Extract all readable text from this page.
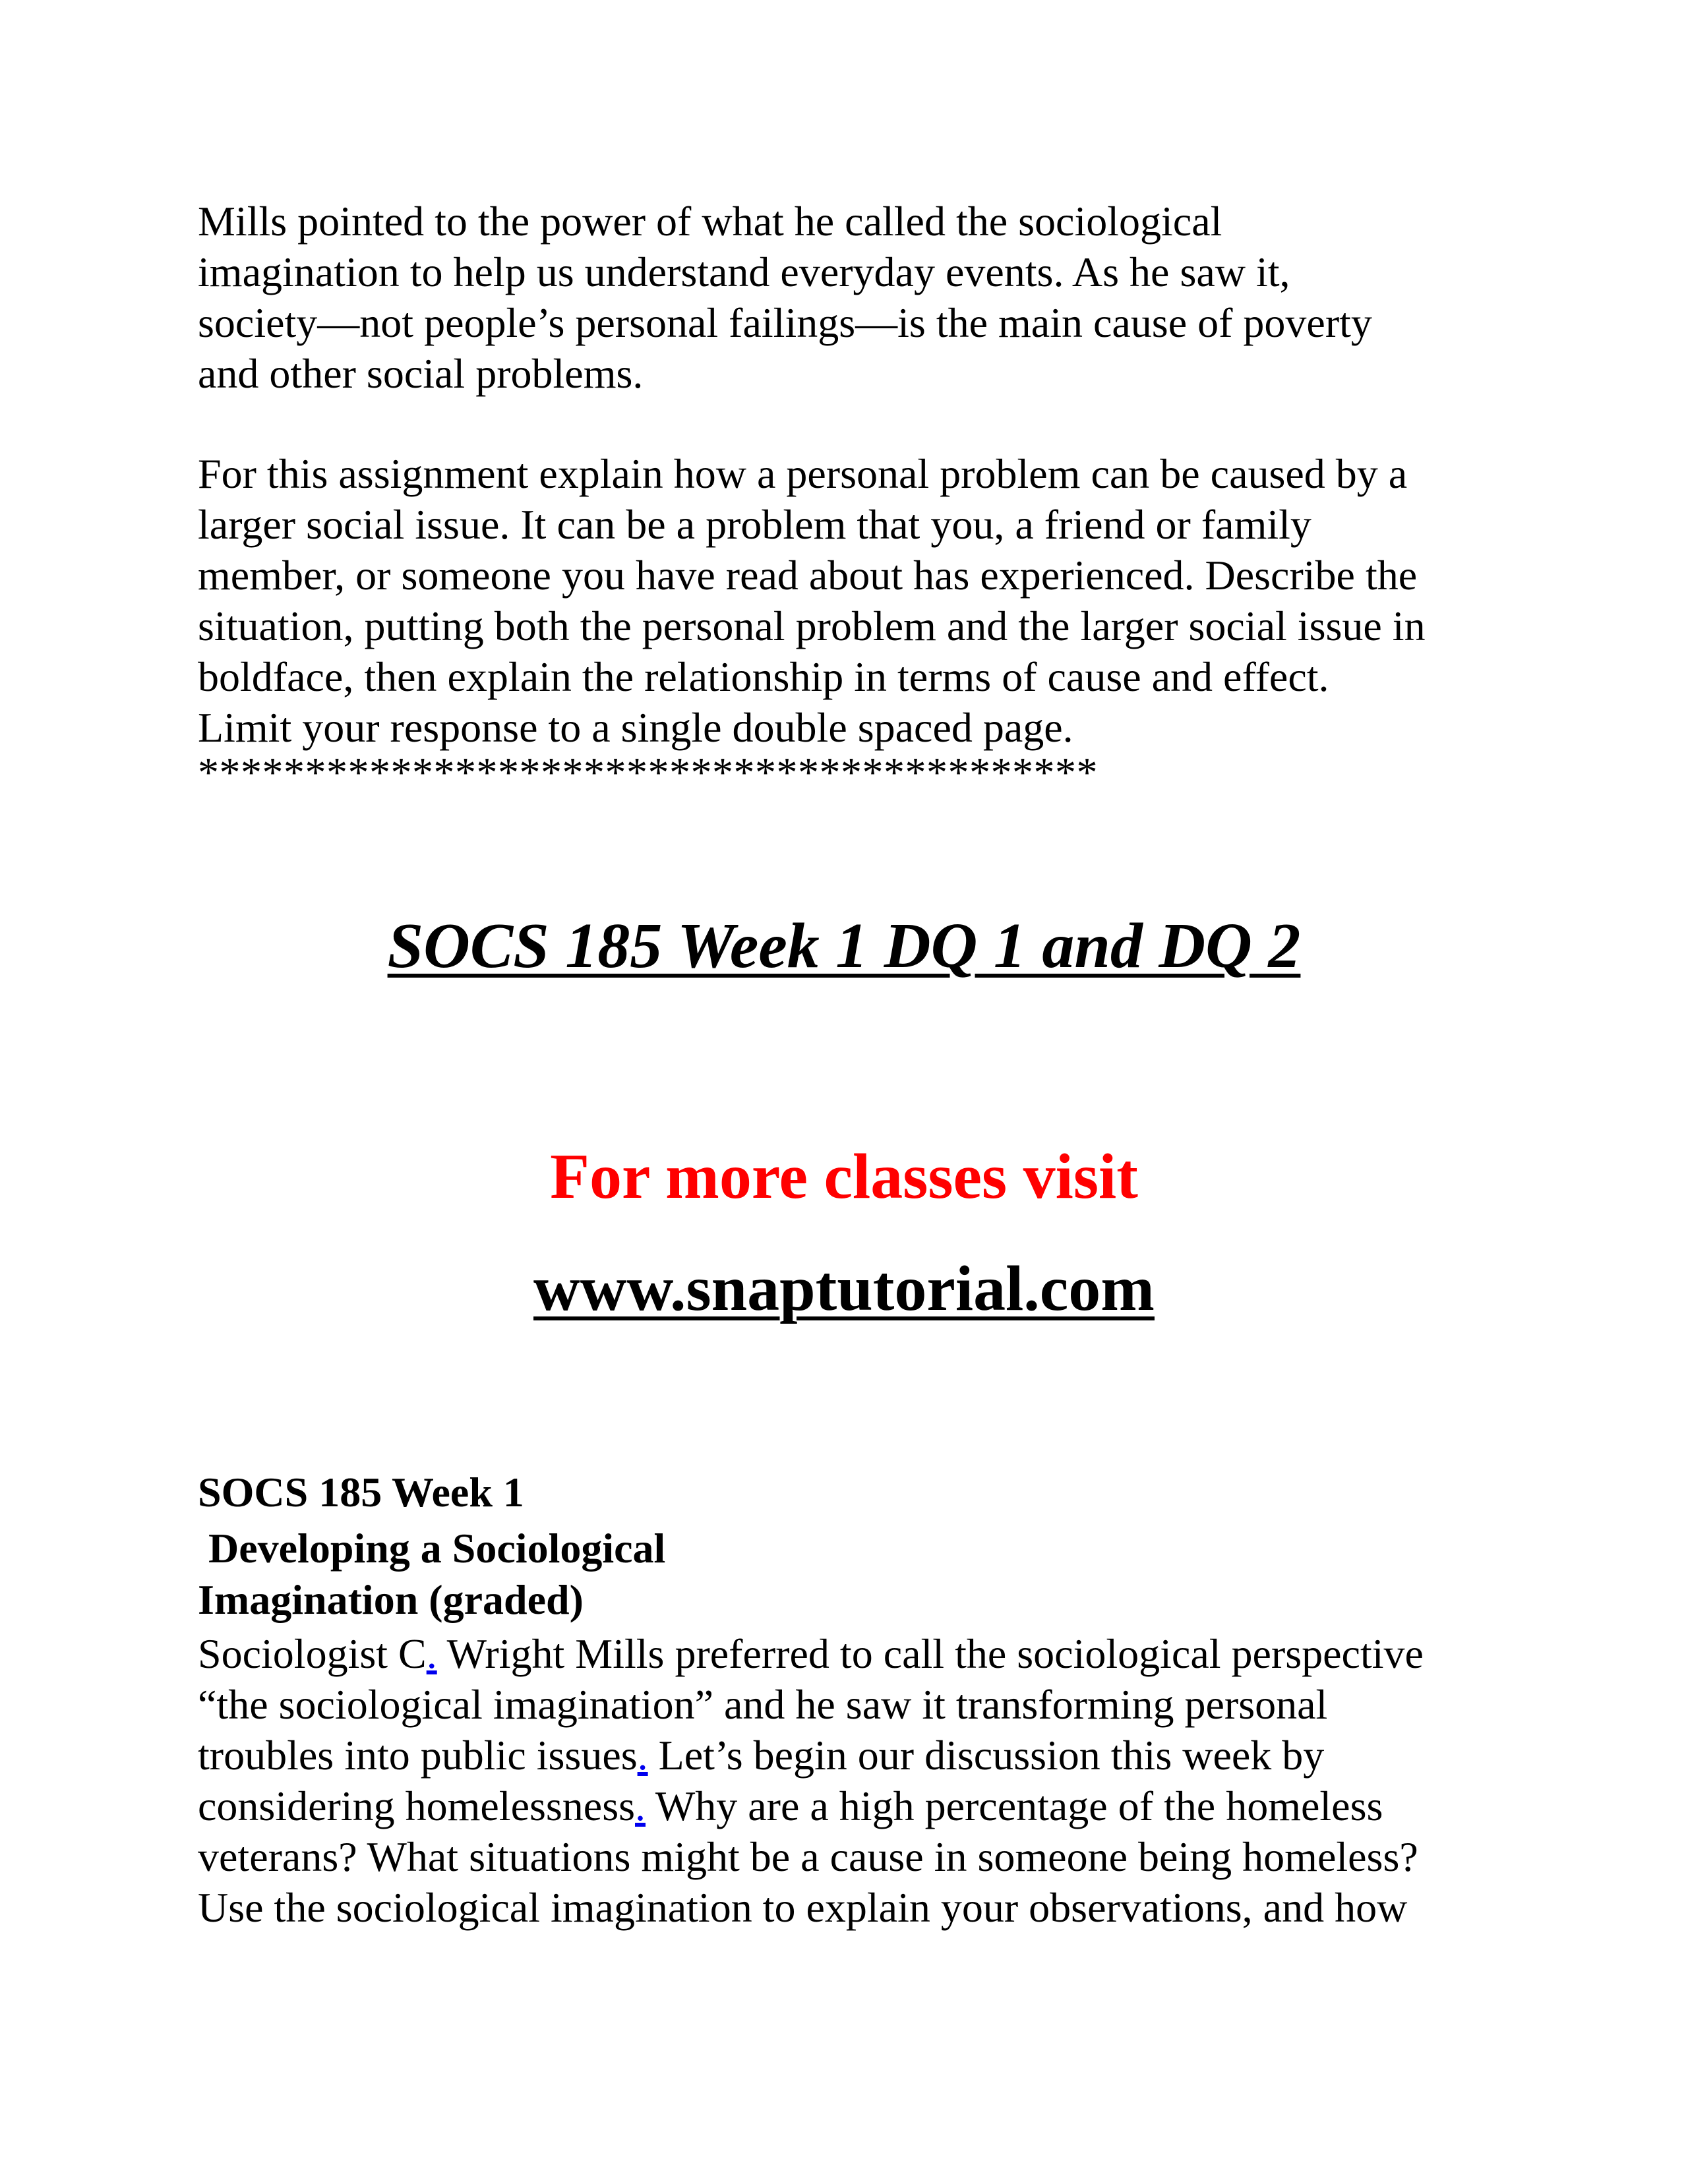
Mills pointed to the power of what he called the sociological
imagination to help us understand everyday events. As he saw it,
society—not people’s personal failings—is the main cause of poverty
and other social problems.

For this assignment explain how a personal problem can be caused by a
larger social issue. It can be a problem that you, a friend or family
member, or someone you have read about has experienced. Describe the
situation, putting both the personal problem and the larger social issue in
boldface, then explain the relationship in terms of cause and effect.
Limit your response to a single double spaced page.

******************************************

SOCS 185 Week 1 DQ 1 and DQ 2

For more classes visit

www.snaptutorial.com

SOCS 185 Week 1

Developing a Sociological

Imagination (graded)

Sociologist C. Wright Mills preferred to call the sociological perspective
“the sociological imagination” and he saw it transforming personal
troubles into public issues. Let’s begin our discussion this week by
considering homelessness. Why are a high percentage of the homeless
veterans? What situations might be a cause in someone being homeless?
Use the sociological imagination to explain your observations, and how
